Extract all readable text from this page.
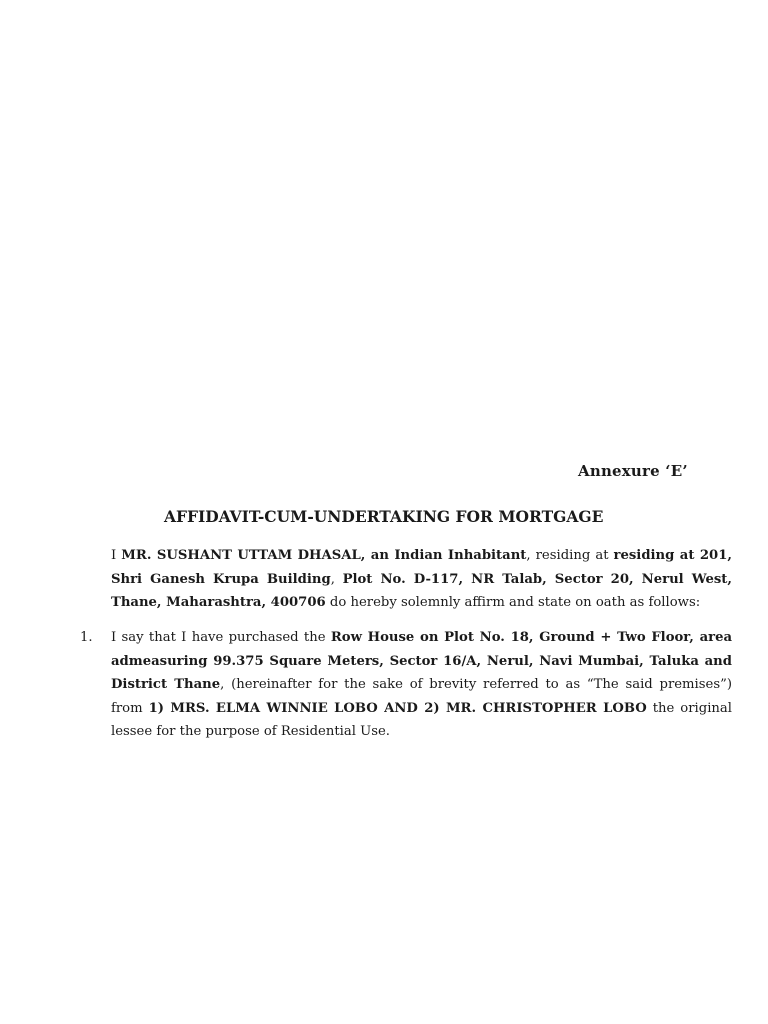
Annexure ‘E’
AFFIDAVIT-CUM-UNDERTAKING FOR MORTGAGE
I MR. SUSHANT UTTAM DHASAL, an Indian Inhabitant, residing at residing at 201, Shri Ganesh Krupa Building, Plot No. D-117, NR Talab, Sector 20, Nerul West, Thane, Maharashtra, 400706 do hereby solemnly affirm and state on oath as follows:
1. I say that I have purchased the Row House on Plot No. 18, Ground + Two Floor, area admeasuring 99.375 Square Meters, Sector 16/A, Nerul, Navi Mumbai, Taluka and District Thane, (hereinafter for the sake of brevity referred to as “The said premises”) from 1) MRS. ELMA WINNIE LOBO AND 2) MR. CHRISTOPHER LOBO the original lessee for the purpose of Residential Use.
